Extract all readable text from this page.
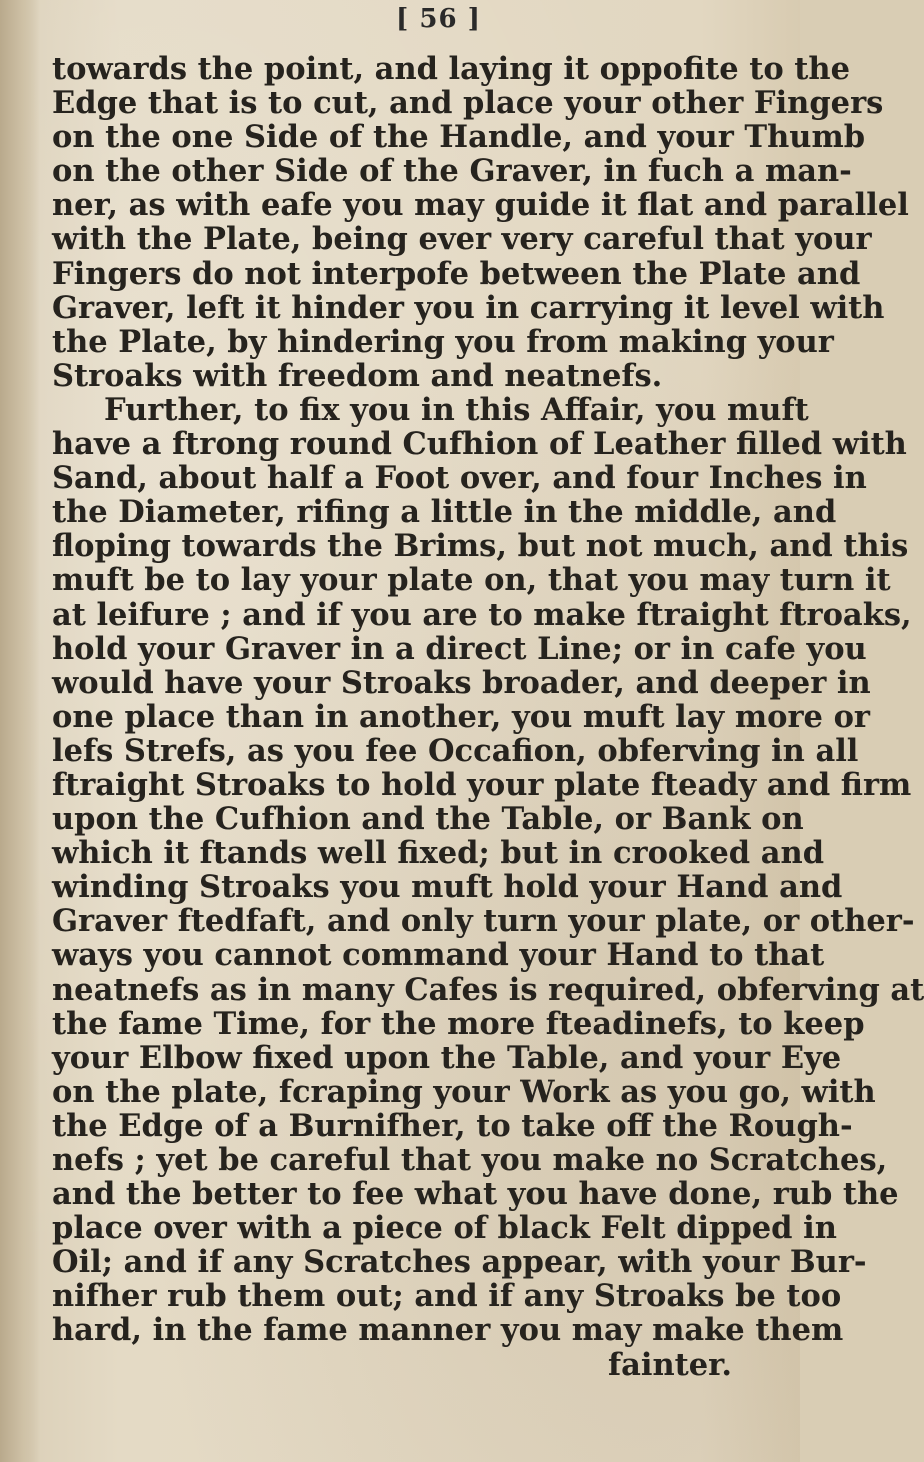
[ 56 ]
towards the point, and laying it oppofite to the
Edge that is to cut, and place your other Fingers
on the one Side of the Handle, and your Thumb
on the other Side of the Graver, in fuch a man-
ner, as with eafe you may guide it flat and parallel
with the Plate, being ever very careful that your
Fingers do not interpofe between the Plate and
Graver, left it hinder you in carrying it level with
the Plate, by hindering you from making your
Stroaks with freedom and neatnefs.
Further, to fix you in this Affair, you muft
have a ftrong round Cufhion of Leather filled with
Sand, about half a Foot over, and four Inches in
the Diameter, rifing a little in the middle, and
floping towards the Brims, but not much, and this
muft be to lay your plate on, that you may turn it
at leifure ; and if you are to make ftraight ftroaks,
hold your Graver in a direct Line; or in cafe you
would have your Stroaks broader, and deeper in
one place than in another, you muft lay more or
lefs Strefs, as you fee Occafion, obferving in all
ftraight Stroaks to hold your plate fteady and firm
upon the Cufhion and the Table, or Bank on
which it ftands well fixed; but in crooked and
winding Stroaks you muft hold your Hand and
Graver ftedfaft, and only turn your plate, or other-
ways you cannot command your Hand to that
neatnefs as in many Cafes is required, obferving at
the fame Time, for the more fteadinefs, to keep
your Elbow fixed upon the Table, and your Eye
on the plate, fcraping your Work as you go, with
the Edge of a Burnifher, to take off the Rough-
nefs ; yet be careful that you make no Scratches,
and the better to fee what you have done, rub the
place over with a piece of black Felt dipped in
Oil; and if any Scratches appear, with your Bur-
nifher rub them out; and if any Stroaks be too
hard, in the fame manner you may make them
fainter.
